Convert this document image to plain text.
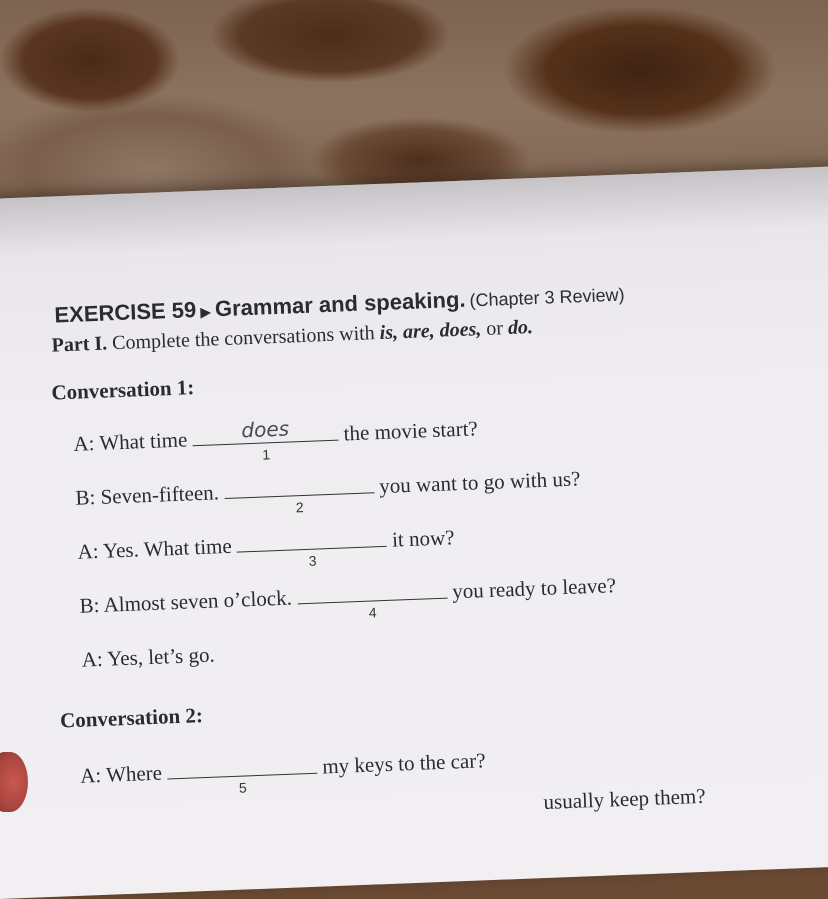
EXERCISE 59 ▶ Grammar and speaking. (Chapter 3 Review)
Part I. Complete the conversations with is, are, does, or do.
Conversation 1:
A: What time	does
1
the movie start?
B: Seven-fifteen.	2
you want to go with us?
A: Yes. What time	3
it now?
B: Almost seven o’clock.	4
you ready to leave?
A: Yes, let’s go.
Conversation 2:
A: Where	5
my keys to the car?
usually keep them?
